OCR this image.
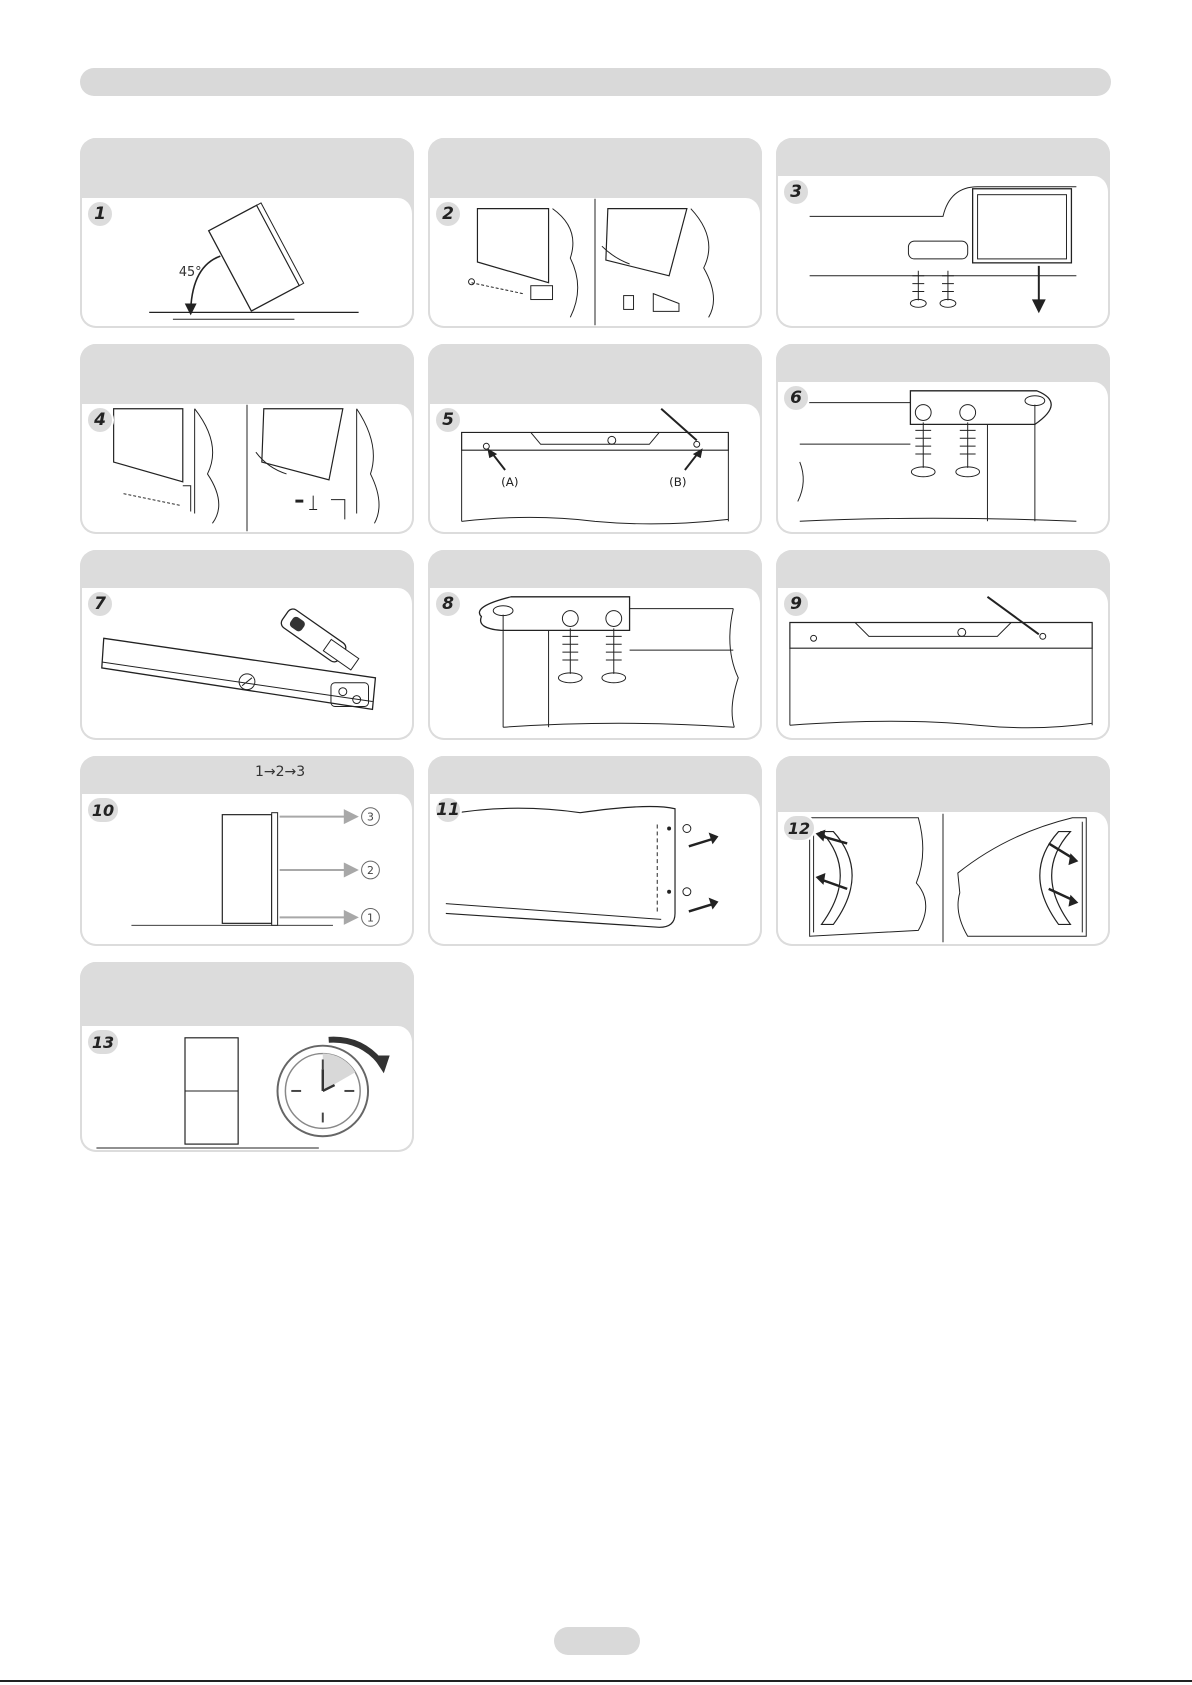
1
45°
2
3
4	5
(A)	(B)
6
7	8	9
1→2→3
10	3
2
1
11
12
13
